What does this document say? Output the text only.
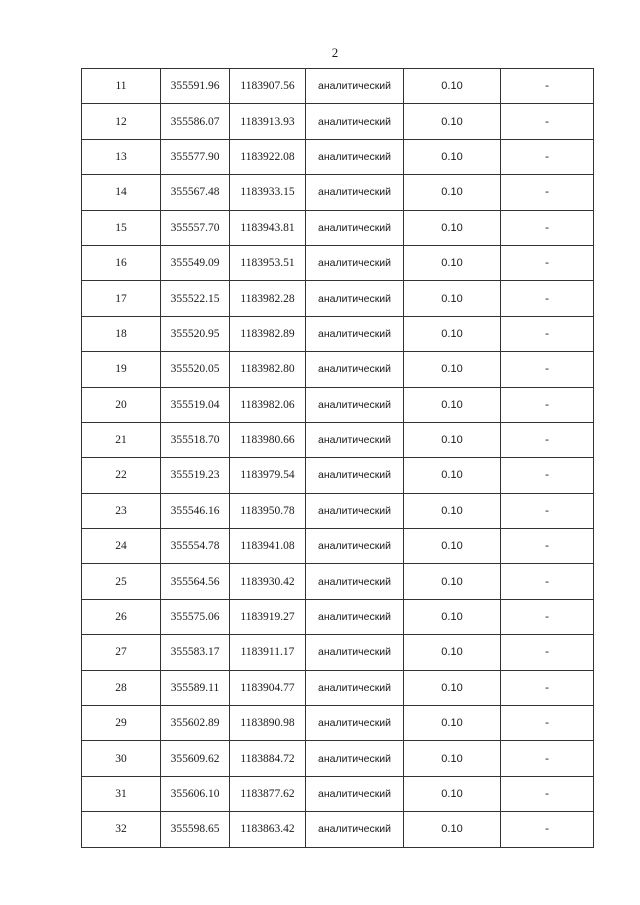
2
11	355591.96	1183907.56	аналитический	0.10	-
12	355586.07	1183913.93	аналитический	0.10	-
13	355577.90	1183922.08	аналитический	0.10	-
14	355567.48	1183933.15	аналитический	0.10	-
15	355557.70	1183943.81	аналитический	0.10	-
16	355549.09	1183953.51	аналитический	0.10	-
17	355522.15	1183982.28	аналитический	0.10	-
18	355520.95	1183982.89	аналитический	0.10	-
19	355520.05	1183982.80	аналитический	0.10	-
20	355519.04	1183982.06	аналитический	0.10	-
21	355518.70	1183980.66	аналитический	0.10	-
22	355519.23	1183979.54	аналитический	0.10	-
23	355546.16	1183950.78	аналитический	0.10	-
24	355554.78	1183941.08	аналитический	0.10	-
25	355564.56	1183930.42	аналитический	0.10	-
26	355575.06	1183919.27	аналитический	0.10	-
27	355583.17	1183911.17	аналитический	0.10	-
28	355589.11	1183904.77	аналитический	0.10	-
29	355602.89	1183890.98	аналитический	0.10	-
30	355609.62	1183884.72	аналитический	0.10	-
31	355606.10	1183877.62	аналитический	0.10	-
32	355598.65	1183863.42	аналитический	0.10	-
